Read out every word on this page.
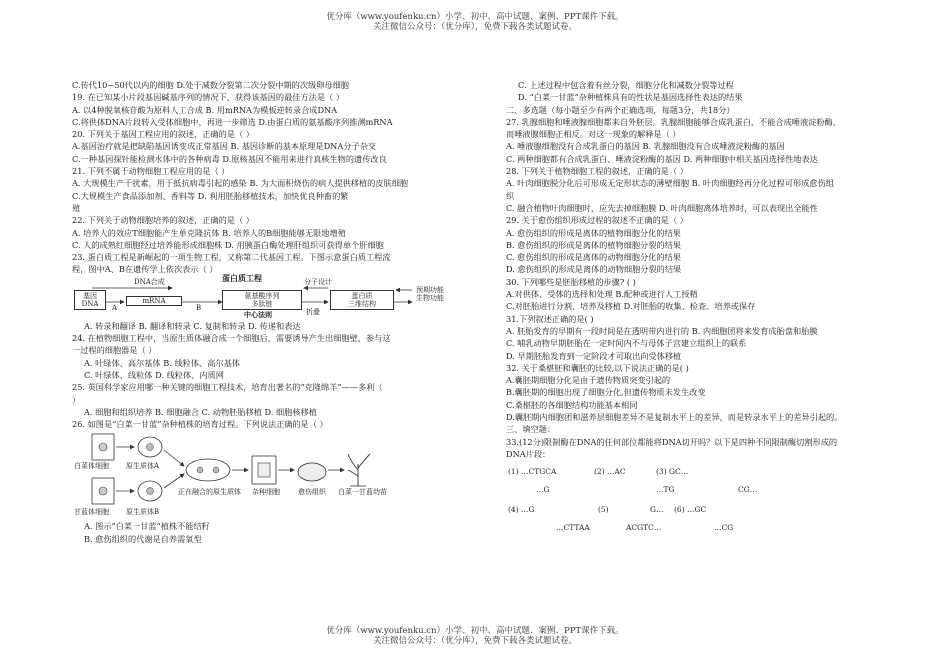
优分库（www.youfenku.cn）小学、初中、高中试题、案例、PPT课件下载。
关注微信公众号：（优分库），免费下载各类试题试卷。

C.传代10~50代以内的细胞 D.处于减数分裂第二次分裂中期的次级卵母细胞

19. 在已知某小片段基因碱基序列的情况下，获得该基因的最佳方法是（ ）

A. 以4种脱氧核苷酸为原料人工合成 B. 用mRNA为模板逆转录合成DNA

C.将供体DNA片段转入受体细胞中，再进一步筛选 D.由蛋白质的氨基酸序列推测mRNA

20. 下列关于基因工程应用的叙述，正确的是（ ）

A.基因治疗就是把缺陷基因诱变成正常基因 B. 基因诊断的基本原理是DNA分子杂交

C.一种基因探针能检测水体中的各种病毒 D.原核基因不能用来进行真核生物的遗传改良

21. 下列不属于动物细胞工程应用的是（ ）

A. 大规模生产干扰素，用于抵抗病毒引起的感染 B. 为大面积烧伤的病人提供移植的皮肤细胞

C.大规模生产食品添加剂、香料等 D. 利用胚胎移植技术，加快优良种畜的繁

殖

22. 下列关于动物细胞培养的叙述，正确的是（ ）

A. 培养人的效应T细胞能产生单克隆抗体 B. 培养人的B细胞能够无限地增殖

C. 人的成熟红细胞经过培养能形成细胞株 D. 用胰蛋白酶处理肝组织可获得单个肝细胞

23. 蛋白质工程是新崛起的一项生物工程，又称第二代基因工程。下图示意蛋白质工程流

程，图中A、B在遗传学上依次表示（ ）

DNA合成	蛋白质工程	分子设计
基因
DNA	mRNA
氨基酸序列
多肽链
中心法则
蛋白质
三维结构
预期功能
生物功能
A	B	折叠

A. 转录和翻译 B. 翻译和转录 C. 复制和转录 D. 传递和表达

24. 在植物细胞工程中，当原生质体融合成一个细胞后，需要诱导产生出细胞壁，参与这

一过程的细胞器是（ ）

A. 叶绿体、高尔基体 B. 线粒体、高尔基体

C. 叶绿体、线粒体 D. 线粒体、内质网

25. 英国科学家应用哪一种关键的细胞工程技术，培育出著名的“克隆绵羊”——多利（

）

A. 细胞和组织培养 B. 细胞融合 C. 动物胚胎移植 D. 细胞核移植

26. 如图是“白菜一甘蓝”杂种植株的培育过程。下列说法正确的是（ ）

白菜体细胞 原生质体A
甘蓝体细胞 原生质体B
正在融合的原生质体 杂种细胞	愈伤组织 白菜一甘蓝幼苗

A. 图示“白菜一甘蓝”植株不能结籽

B. 愈伤组织的代谢是自养需氧型

C. 上述过程中包含着有丝分裂，细胞分化和减数分裂等过程

D. “白菜一甘蓝”杂种植株具有的性状是基因选择性表达的结果

二、多选题（每小题至少有两个正确选项，每题3分，共18分）

27. 乳腺细胞和唾液腺细胞都来自外胚层。乳腺细胞能够合成乳蛋白，不能合成唾液淀粉酶，

而唾液腺细胞正相反。对这一现象的解释是（ ）

A. 唾液腺细胞没有合成乳蛋白的基因 B. 乳腺细胞没有合成唾液淀粉酶的基因

C. 两种细胞都有合成乳蛋白、唾液淀粉酶的基因 D. 两种细胞中相关基因选择性地表达

28. 下列关于植物细胞工程的叙述，正确的是（ ）

A. 叶肉细胞脱分化后可形成无定形状态的薄壁细胞 B. 叶肉细胞经再分化过程可形成愈伤组

织

C. 融合植物叶肉细胞时，应先去掉细胞膜 D. 叶肉细胞离体培养时，可以表现出全能性

29. 关于愈伤组织形成过程的叙述不正确的是（ ）

A. 愈伤组织的形成是离体的植物细胞分化的结果

B. 愈伤组织的形成是离体的植物细胞分裂的结果

C. 愈伤组织的形成是离体的动物细胞分化的结果

D. 愈伤组织的形成是离体的动物细胞分裂的结果

30. 下列哪些是胚胎移植的步骤? ( )

A.对供体、受体的选择和处理 B.配种或进行人工授精

C.对胚胎进行分割、培养及移植 D.对胚胎的收集、检查、培养或保存

31.下列叙述正确的是( )

A. 胚胎发育的早期有一段时间是在透明带内进行的 B. 内细胞团将来发育成胎盘和胎膜

C. 哺乳动物早期胚胎在一定时间内不与母体子宫建立组织上的联系

D. 早期胚胎发育到一定阶段才可取出向受体移植

32. 关于桑椹胚和囊胚的比较,以下说法正确的是( )

A.囊胚期细胞分化是由于遗传物质突变引起的

B.囊胚期的细胞出现了细胞分化,但遗传物质未发生改变

C.桑椹胚的各细胞结构功能基本相同

D.囊胚期内细胞团和滋养层细胞差异不是复制水平上的差异，而是转录水平上的差异引起的。

三、填空题：

33.(12分)限制酶在DNA的任何部位都能将DNA切开吗？以下是四种不同限制酶切割形成的

DNA片段：

(1) …CTGCA	(2) …AC	(3) GC…
…G	…TG	CG…
(4) …G	(5)	G… (6) …GC
…CTTAA	ACGTC…	…CG
优分库（www.youfenku.cn）小学、初中、高中试题、案例、PPT课件下载。
关注微信公众号：（优分库），免费下载各类试题试卷。
